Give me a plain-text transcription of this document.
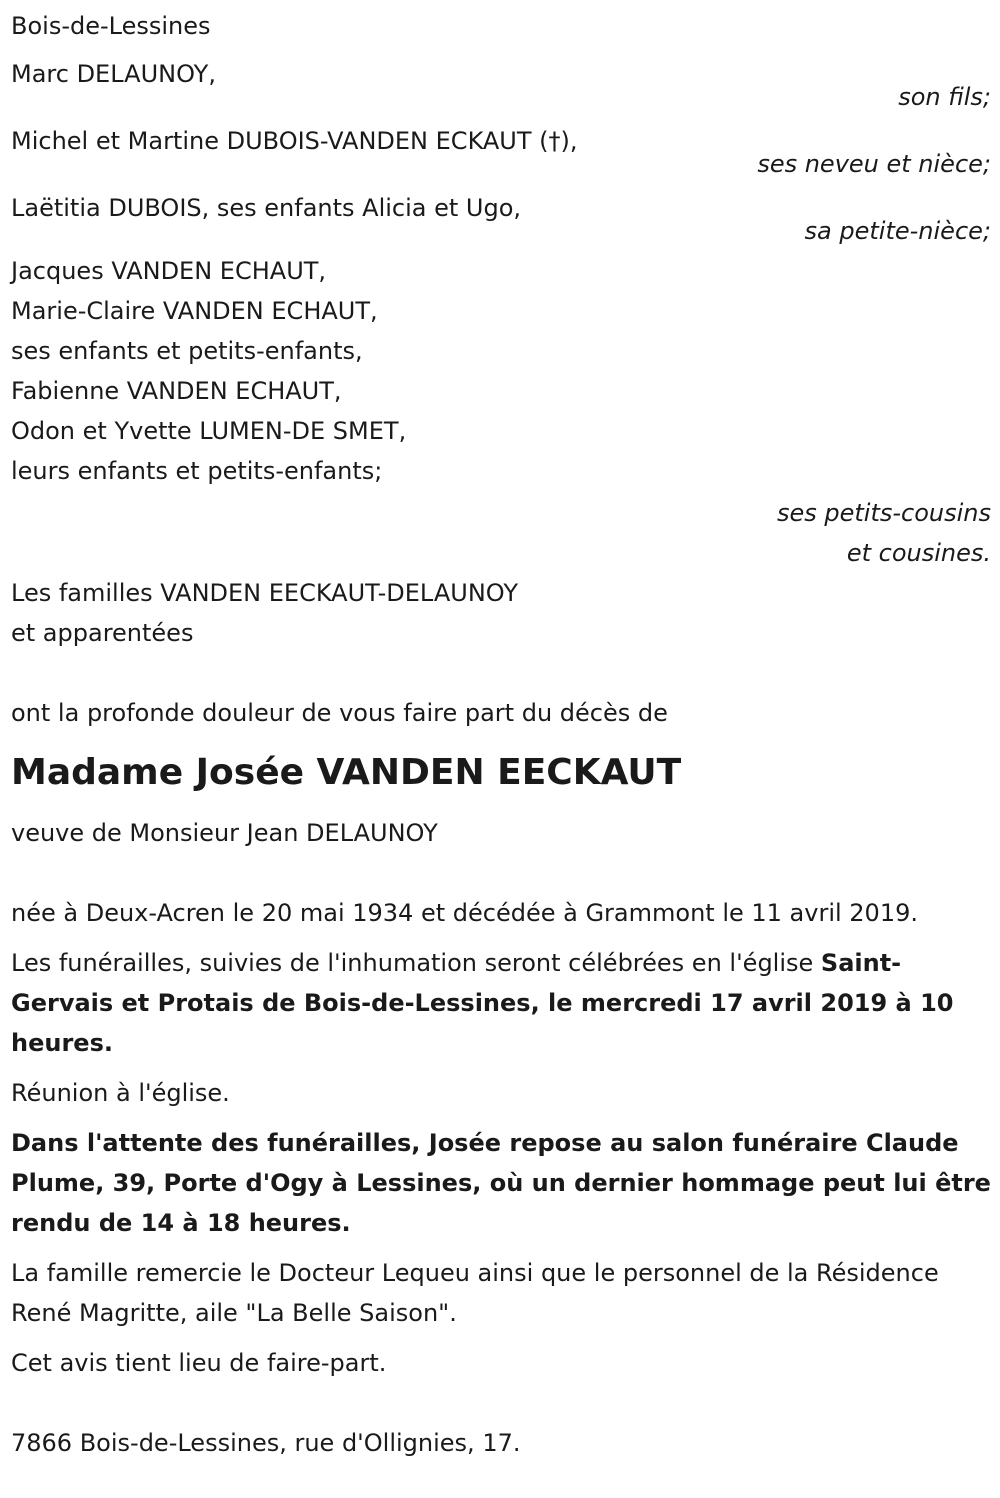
Bois-de-Lessines
Marc DELAUNOY,
son fils;
Michel et Martine DUBOIS-VANDEN ECKAUT (†),
ses neveu et nièce;
Laëtitia DUBOIS, ses enfants Alicia et Ugo,
sa petite-nièce;
Jacques VANDEN ECHAUT,
Marie-Claire VANDEN ECHAUT,
ses enfants et petits-enfants,
Fabienne VANDEN ECHAUT,
Odon et Yvette LUMEN-DE SMET,
leurs enfants et petits-enfants;
ses petits-cousins
et cousines.
Les familles VANDEN EECKAUT-DELAUNOY
et apparentées
ont la profonde douleur de vous faire part du décès de
Madame Josée VANDEN EECKAUT
veuve de Monsieur Jean DELAUNOY
née à Deux-Acren le 20 mai 1934 et décédée à Grammont le 11 avril 2019.
Les funérailles, suivies de l'inhumation seront célébrées en l'église Saint-Gervais et Protais de Bois-de-Lessines, le mercredi 17 avril 2019 à 10 heures.
Réunion à l'église.
Dans l'attente des funérailles, Josée repose au salon funéraire Claude Plume, 39, Porte d'Ogy à Lessines, où un dernier hommage peut lui être rendu de 14 à 18 heures.
La famille remercie le Docteur Lequeu ainsi que le personnel de la Résidence René Magritte, aile "La Belle Saison".
Cet avis tient lieu de faire-part.
7866 Bois-de-Lessines, rue d'Ollignies, 17.
